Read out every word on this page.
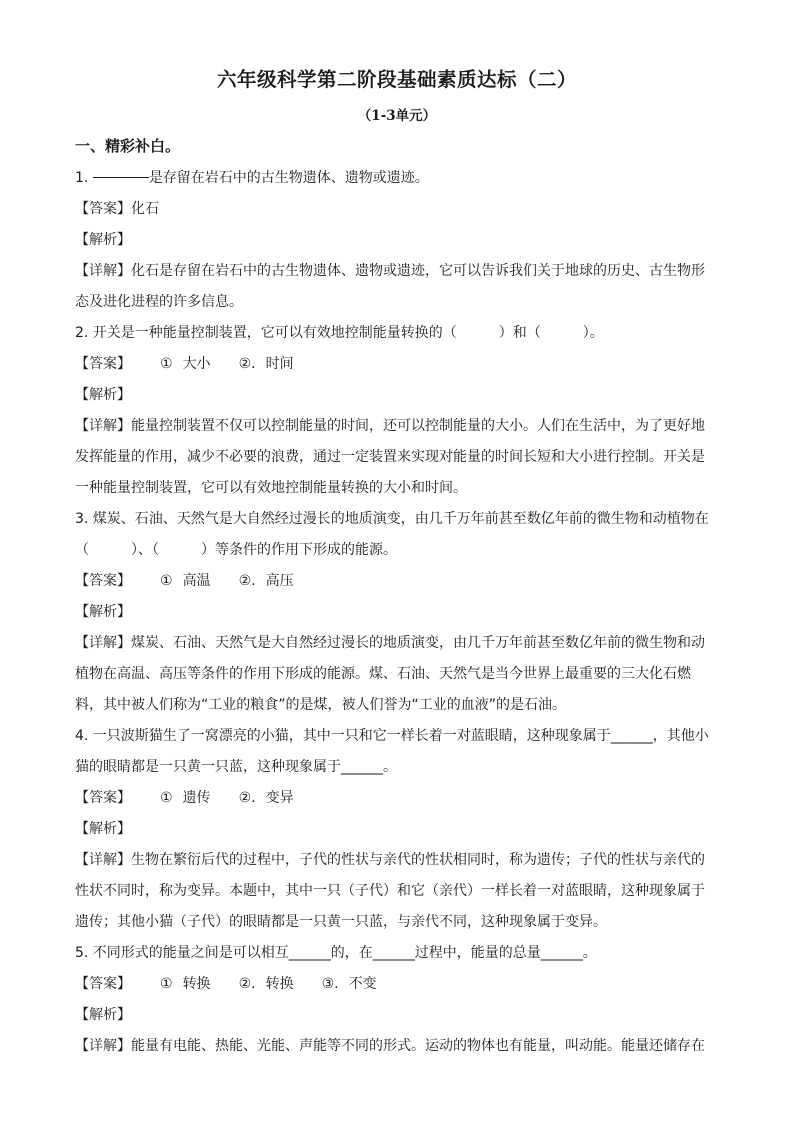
六年级科学第二阶段基础素质达标（二）
（1-3单元）
一、精彩补白。
1.	是存留在岩石中的古生物遗体、遗物或遗迹。
【答案】 化石
【解析】
【详解】化石是存留在岩石中的古生物遗体、遗物或遗迹，它可以告诉我们关于地球的历史、古生物形
态及进化进程的许多信息。
2. 开关是一种能量控制装置，它可以有效地控制能量转换的（　　　）和（　　　）。
【答案】	① 大小 ②. 时间
【解析】
【详解】能量控制装置不仅可以控制能量的时间，还可以控制能量的大小。人们在生活中，为了更好地
发挥能量的作用，减少不必要的浪费，通过一定装置来实现对能量的时间长短和大小进行控制。开关是
一种能量控制装置，它可以有效地控制能量转换的大小和时间。
3. 煤炭、石油、天然气是大自然经过漫长的地质演变，由几千万年前甚至数亿年前的微生物和动植物在
（　　　）、（　　　）等条件的作用下形成的能源。
【答案】	① 高温 ②. 高压
【解析】
【详解】煤炭、石油、天然气是大自然经过漫长的地质演变，由几千万年前甚至数亿年前的微生物和动
植物在高温、高压等条件的作用下形成的能源。煤、石油、天然气是当今世界上最重要的三大化石燃
料，其中被人们称为“工业的粮食”的是煤，被人们誉为“工业的血液”的是石油。
4. 一只波斯猫生了一窝漂亮的小猫，其中一只和它一样长着一对蓝眼睛，这种现象属于______，其他小
猫的眼睛都是一只黄一只蓝，这种现象属于______。
【答案】	① 遗传 ②. 变异
【解析】
【详解】生物在繁衍后代的过程中，子代的性状与亲代的性状相同时，称为遗传；子代的性状与亲代的
性状不同时，称为变异。本题中，其中一只（子代）和它（亲代）一样长着一对蓝眼睛，这种现象属于
遗传；其他小猫（子代）的眼睛都是一只黄一只蓝，与亲代不同，这种现象属于变异。
5. 不同形式的能量之间是可以相互______的，在______过程中，能量的总量______。
【答案】	① 转换 ②. 转换 ③. 不变
【解析】
【详解】能量有电能、热能、光能、声能等不同的形式。运动的物体也有能量，叫动能。能量还储存在
